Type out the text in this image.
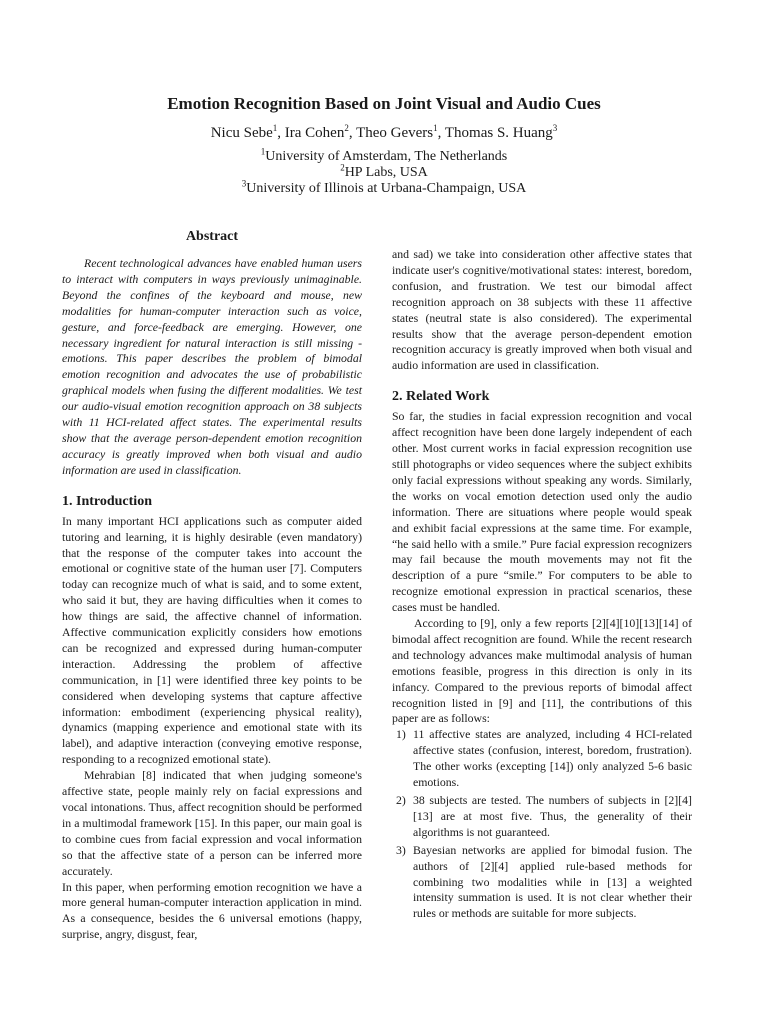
Emotion Recognition Based on Joint Visual and Audio Cues
Nicu Sebe$^1$, Ira Cohen$^2$, Theo Gevers$^1$, Thomas S. Huang$^3$
$^1$University of Amsterdam, The Netherlands
$^2$HP Labs, USA
$^3$University of Illinois at Urbana-Champaign, USA
Abstract

Recent technological advances have enabled human users to interact with computers in ways previously unimaginable. Beyond the confines of the keyboard and mouse, new modalities for human-computer interaction such as voice, gesture, and force-feedback are emerging. However, one necessary ingredient for natural interaction is still missing - emotions. This paper describes the problem of bimodal emotion recognition and advocates the use of probabilistic graphical models when fusing the different modalities. We test our audio-visual emotion recognition approach on 38 subjects with 11 HCI-related affect states. The experimental results show that the average person-dependent emotion recognition accuracy is greatly improved when both visual and audio information are used in classification.

1. Introduction

In many important HCI applications such as computer aided tutoring and learning, it is highly desirable (even mandatory) that the response of the computer takes into account the emotional or cognitive state of the human user [7]. Computers today can recognize much of what is said, and to some extent, who said it but, they are having difficulties when it comes to how things are said, the affective channel of information. Affective communication explicitly considers how emotions can be recognized and expressed during human-computer interaction. Addressing the problem of affective communication, in [1] were identified three key points to be considered when developing systems that capture affective information: embodiment (experiencing physical reality), dynamics (mapping experience and emotional state with its label), and adaptive interaction (conveying emotive response, responding to a recognized emotional state).

Mehrabian [8] indicated that when judging someone's affective state, people mainly rely on facial expressions and vocal intonations. Thus, affect recognition should be performed in a multimodal framework [15]. In this paper, our main goal is to combine cues from facial expression and vocal information so that the affective state of a person can be inferred more accurately.

In this paper, when performing emotion recognition we have a more general human-computer interaction application in mind. As a consequence, besides the 6 universal emotions (happy, surprise, angry, disgust, fear,

and sad) we take into consideration other affective states that indicate user's cognitive/motivational states: interest, boredom, confusion, and frustration. We test our bimodal affect recognition approach on 38 subjects with these 11 affective states (neutral state is also considered). The experimental results show that the average person-dependent emotion recognition accuracy is greatly improved when both visual and audio information are used in classification.

2. Related Work

So far, the studies in facial expression recognition and vocal affect recognition have been done largely independent of each other. Most current works in facial expression recognition use still photographs or video sequences where the subject exhibits only facial expressions without speaking any words. Similarly, the works on vocal emotion detection used only the audio information. There are situations where people would speak and exhibit facial expressions at the same time. For example, “he said hello with a smile.” Pure facial expression recognizers may fail because the mouth movements may not fit the description of a pure “smile.” For computers to be able to recognize emotional expression in practical scenarios, these cases must be handled.

According to [9], only a few reports [2][4][10][13][14] of bimodal affect recognition are found. While the recent research and technology advances make multimodal analysis of human emotions feasible, progress in this direction is only in its infancy. Compared to the previous reports of bimodal affect recognition listed in [9] and [11], the contributions of this paper are as follows:

1) 11 affective states are analyzed, including 4 HCI-related affective states (confusion, interest, boredom, frustration). The other works (excepting [14]) only analyzed 5-6 basic emotions.
2) 38 subjects are tested. The numbers of subjects in [2][4][13] are at most five. Thus, the generality of their algorithms is not guaranteed.
3) Bayesian networks are applied for bimodal fusion. The authors of [2][4] applied rule-based methods for combining two modalities while in [13] a weighted intensity summation is used. It is not clear whether their rules or methods are suitable for more subjects.
